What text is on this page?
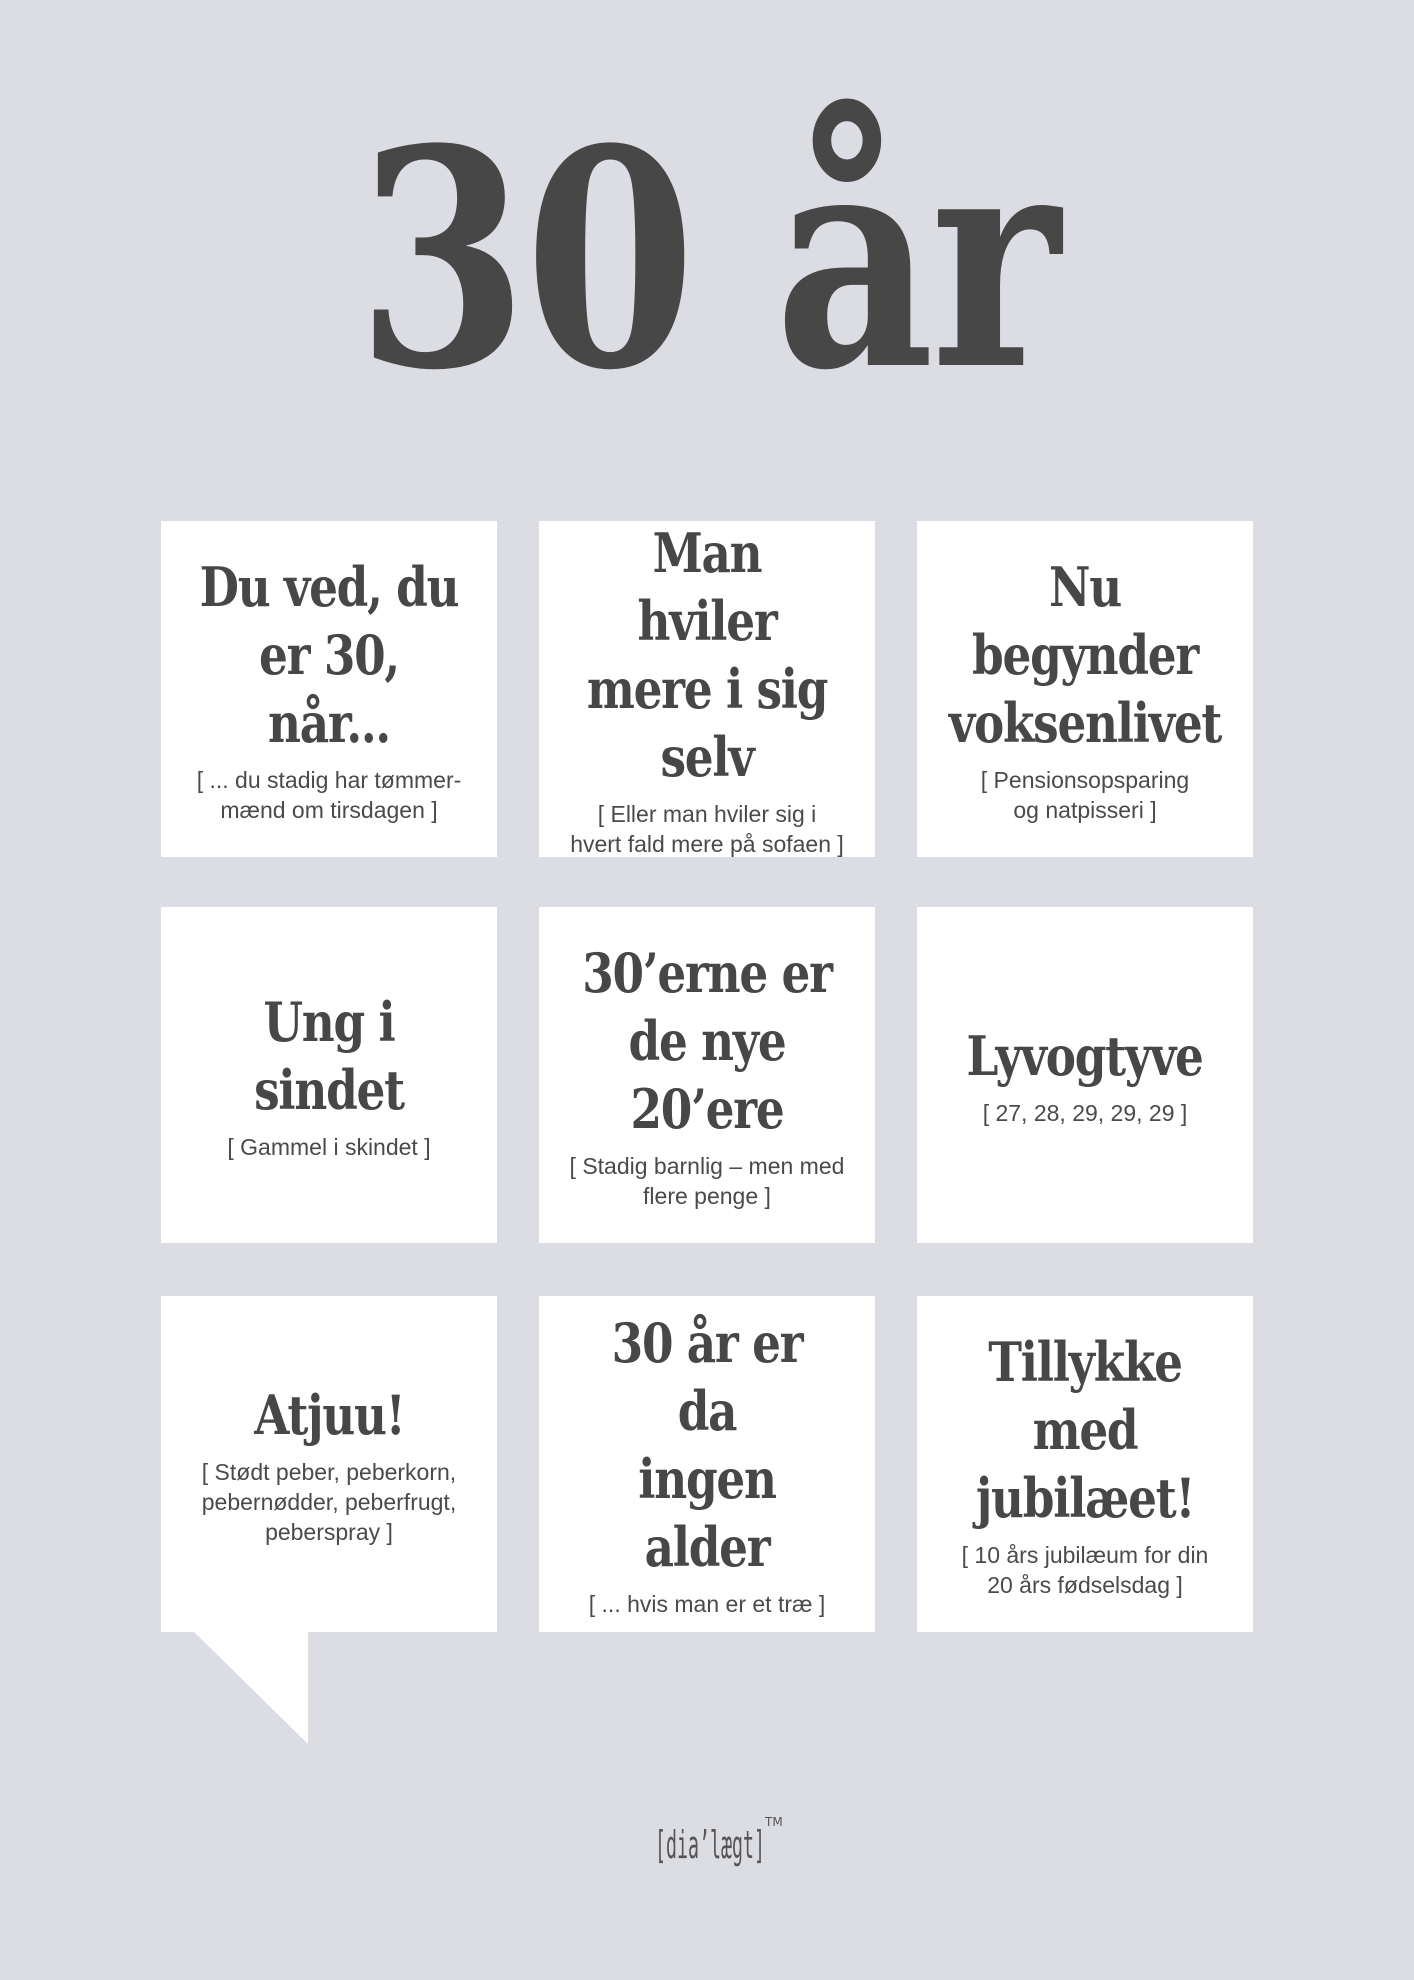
30 år
Du ved, du
er 30, når...
[ ... du stadig har tømmer-
mænd om tirsdagen ]
Man hviler
mere i sig
selv
[ Eller man hviler sig i
hvert fald mere på sofaen ]
Nu begynder
voksenlivet
[ Pensionsopsparing
og natpisseri ]
Ung i sindet
[ Gammel i skindet ]
30’erne er
de nye 20’ere
[ Stadig barnlig – men med
flere penge ]
Lyvogtyve
[ 27, 28, 29, 29, 29 ]
Atjuu!
[ Stødt peber, peberkorn,
pebernødder, peberfrugt,
peberspray ]
30 år er da
ingen alder
[ ... hvis man er et træ ]
Tillykke med
jubilæet!
[ 10 års jubilæum for din
20 års fødselsdag ]
[dia’lægt]
TM
